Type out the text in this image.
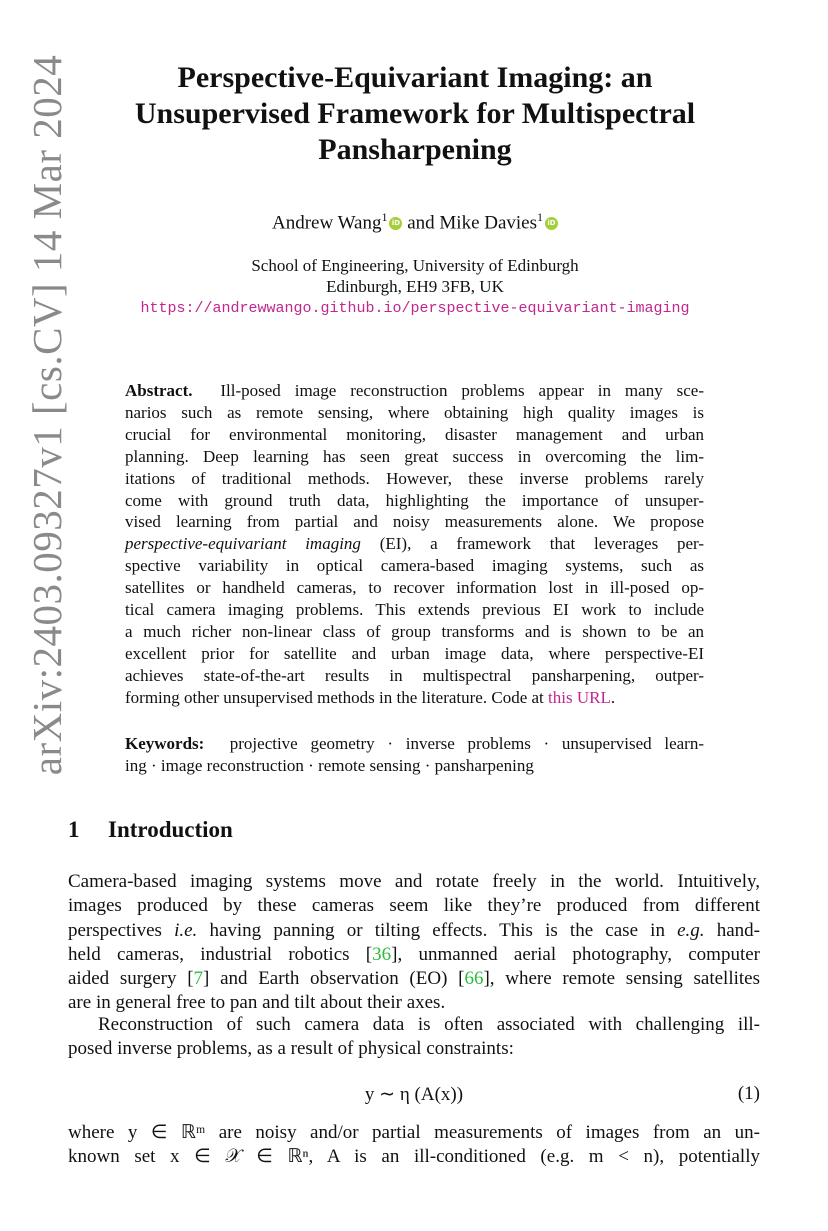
arXiv:2403.09327v1 [cs.CV] 14 Mar 2024	Perspective-Equivariant Imaging: an
Unsupervised Framework for Multispectral
Pansharpening
Andrew Wang$^1$ iD and Mike Davies$^1$ iD
School of Engineering, University of Edinburgh
Edinburgh, EH9 3FB, UK
https://andrewwango.github.io/perspective-equivariant-imaging
Abstract. Ill-posed image reconstruction problems appear in many sce-
narios such as remote sensing, where obtaining high quality images is
crucial for environmental monitoring, disaster management and urban
planning. Deep learning has seen great success in overcoming the lim-
itations of traditional methods. However, these inverse problems rarely
come with ground truth data, highlighting the importance of unsuper-
vised learning from partial and noisy measurements alone. We propose
perspective-equivariant imaging (EI), a framework that leverages per-
spective variability in optical camera-based imaging systems, such as
satellites or handheld cameras, to recover information lost in ill-posed op-
tical camera imaging problems. This extends previous EI work to include
a much richer non-linear class of group transforms and is shown to be an
excellent prior for satellite and urban image data, where perspective-EI
achieves state-of-the-art results in multispectral pansharpening, outper-
forming other unsupervised methods in the literature. Code at this URL.
Keywords: projective geometry · inverse problems · unsupervised learn-
ing · image reconstruction · remote sensing · pansharpening
1 Introduction
Camera-based imaging systems move and rotate freely in the world. Intuitively,
images produced by these cameras seem like they’re produced from different
perspectives i.e. having panning or tilting effects. This is the case in e.g. hand-
held cameras, industrial robotics [36], unmanned aerial photography, computer
aided surgery [7] and Earth observation (EO) [66], where remote sensing satellites
are in general free to pan and tilt about their axes.
Reconstruction of such camera data is often associated with challenging ill-
posed inverse problems, as a result of physical constraints:
y ∼ η (A(x))	(1)
where y ∈ ℝᵐ are noisy and/or partial measurements of images from an un-
known set x ∈ 𝒳 ∈ ℝⁿ, A is an ill-conditioned (e.g. m < n), potentially
